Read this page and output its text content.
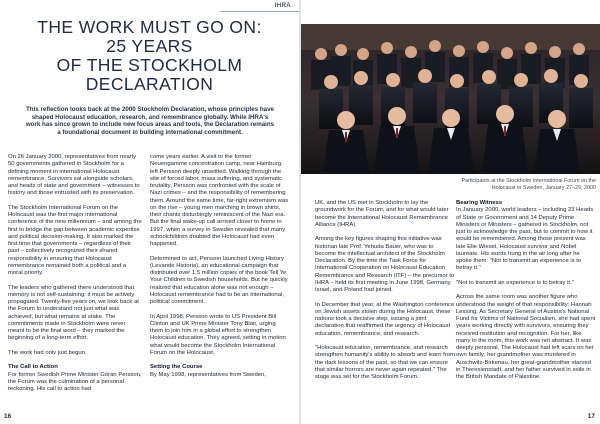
IHRA
THE WORK MUST GO ON:
25 YEARS
OF THE STOCKHOLM
DECLARATION
This reflection looks back at the 2000 Stockholm Declaration, whose principles have shaped Holocaust education, research, and remembrance globally. While IHRA's work has since grown to include new focus areas and tools, the Declaration remains a foundational document in building international commitment.

On 26 January 2000, representatives from nearly 50 governments gathered in Stockholm for a defining moment in international Holocaust remembrance. Survivors sat alongside scholars, and heads of state and government – witnesses to history and those entrusted with its preservation.

The Stockholm International Forum on the Holocaust was the first major international conference of the new millennium – and among the first to bridge the gap between academic expertise and political decision-making. It also marked the first time that governments – regardless of their past – collectively recognized their shared responsibility in ensuring that Holocaust remembrance remained both a political and a moral priority.

The leaders who gathered there understood that memory is not self-sustaining: it must be actively propagated. Twenty-five years on, we look back at the Forum to understand not just what was achieved, but what remains at stake. The commitments made in Stockholm were never meant to be the final word – they marked the beginning of a long-term effort.

The work had only just begun.

The Call to Action

For former Swedish Prime Minister Göran Persson, the Forum was the culmination of a personal reckoning. His call to action had

come years earlier. A visit to the former Neuengamme concentration camp, near Hamburg, left Persson deeply unsettled. Walking through the site of forced labor, mass suffering, and systematic brutality, Persson was confronted with the scale of Nazi crimes – and the responsibility of remembering them. Around the same time, far-right extremism was on the rise – young men marching in brown shirts, their chants disturbingly reminiscent of the Nazi era. But the final wake-up call arrived closer to home in 1997, when a survey in Sweden revealed that many schoolchildren doubted the Holocaust had even happened.

Determined to act, Persson launched Living History (Levande Historia), an educational campaign that distributed over 1.5 million copies of the book Tell Ye Your Children to Swedish households. But he quickly realized that education alone was not enough – Holocaust remembrance had to be an international, political commitment.

In April 1998, Persson wrote to US President Bill Clinton and UK Prime Minister Tony Blair, urging them to join him in a global effort to strengthen Holocaust education. They agreed, setting in motion what would become the Stockholm International Forum on the Holocaust.

Setting the Course

By May 1998, representatives from Sweden,

16
Participants at the Stockholm International Forum on the Holocaust in Sweden, January 27–29, 2000

UK, and the US met in Stockholm to lay the groundwork for the Forum, and for what would later become the International Holocaust Remembrance Alliance (IHRA).

Among the key figures shaping this initiative was historian late Prof. Yehuda Bauer, who was to become the intellectual architect of the Stockholm Declaration. By the time the Task Force for International Cooperation on Holocaust Education Remembrance and Research (ITF) – the precursor to IHRA – held its first meeting in June 1998, Germany, Israel, and Poland had joined.

In December that year, at the Washington conference on Jewish assets stolen during the Holocaust, these nations took a decisive step, issuing a joint declaration that reaffirmed the urgency of Holocaust education, remembrance, and research.

"Holocaust education, remembrance, and research strengthen humanity's ability to absorb and learn from the dark lessons of the past, so that we can ensure that similar horrors are never again repeated." The stage was set for the Stockholm Forum.

Bearing Witness

In January 2000, world leaders – including 23 Heads of State or Government and 14 Deputy Prime Ministers or Ministers – gathered in Stockholm, not just to acknowledge the past, but to commit to how it would be remembered. Among those present was late Elie Wiesel, Holocaust survivor and Nobel laureate. His words hung in the air long after he spoke them: "Not to transmit an experience is to betray it."

"Not to transmit an experience is to betray it."

Across the same room was another figure who understood the weight of that responsibility: Hannah Lessing. As Secretary General of Austria's National Fund for Victims of National Socialism, she had spent years working directly with survivors, ensuring they received restitution and recognition. For her, like many in the room, this work was not abstract. It was deeply personal. The Holocaust had left scars on her own family; her grandmother was murdered in Auschwitz-Birkenau, her great-grandmother starved in Theresienstadt, and her father survived in exile in the British Mandate of Palestine.

17
